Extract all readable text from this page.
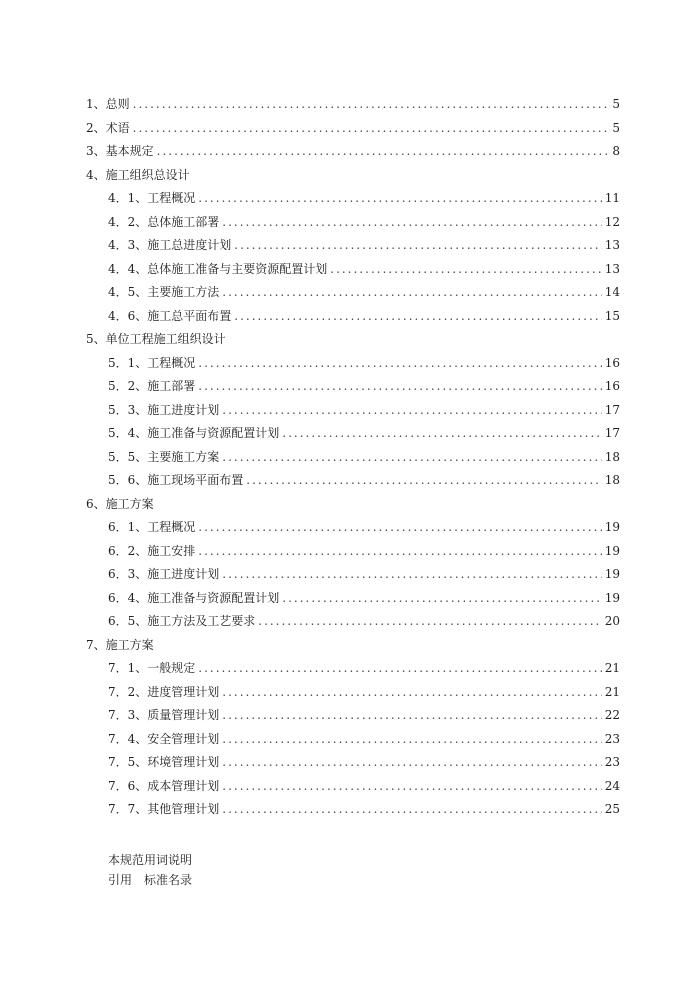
1、总则 .....	5
2、术语 .....	5
3、基本规定 .....	8
4、施工组织总设计
4．1、工程概况 .....	11
4．2、总体施工部署 .....	12
4．3、施工总进度计划 .....	13
4．4、总体施工准备与主要资源配置计划 .....	13
4．5、主要施工方法 .....	14
4．6、施工总平面布置 .....	15
5、单位工程施工组织设计
5．1、工程概况 .....	16
5．2、施工部署 .....	16
5．3、施工进度计划 .....	17
5．4、施工准备与资源配置计划 .....	17
5．5、主要施工方案 .....	18
5．6、施工现场平面布置 .....	18
6、施工方案
6．1、工程概况 .....	19
6．2、施工安排 .....	19
6．3、施工进度计划 .....	19
6．4、施工准备与资源配置计划 .....	19
6．5、施工方法及工艺要求 .....	20
7、施工方案
7．1、一般规定 .....	21
7．2、进度管理计划 .....	21
7．3、质量管理计划 .....	22
7．4、安全管理计划 .....	23
7．5、环境管理计划 .....	23
7．6、成本管理计划 .....	24
7．7、其他管理计划 .....	25
本规范用词说明
引用　标准名录
